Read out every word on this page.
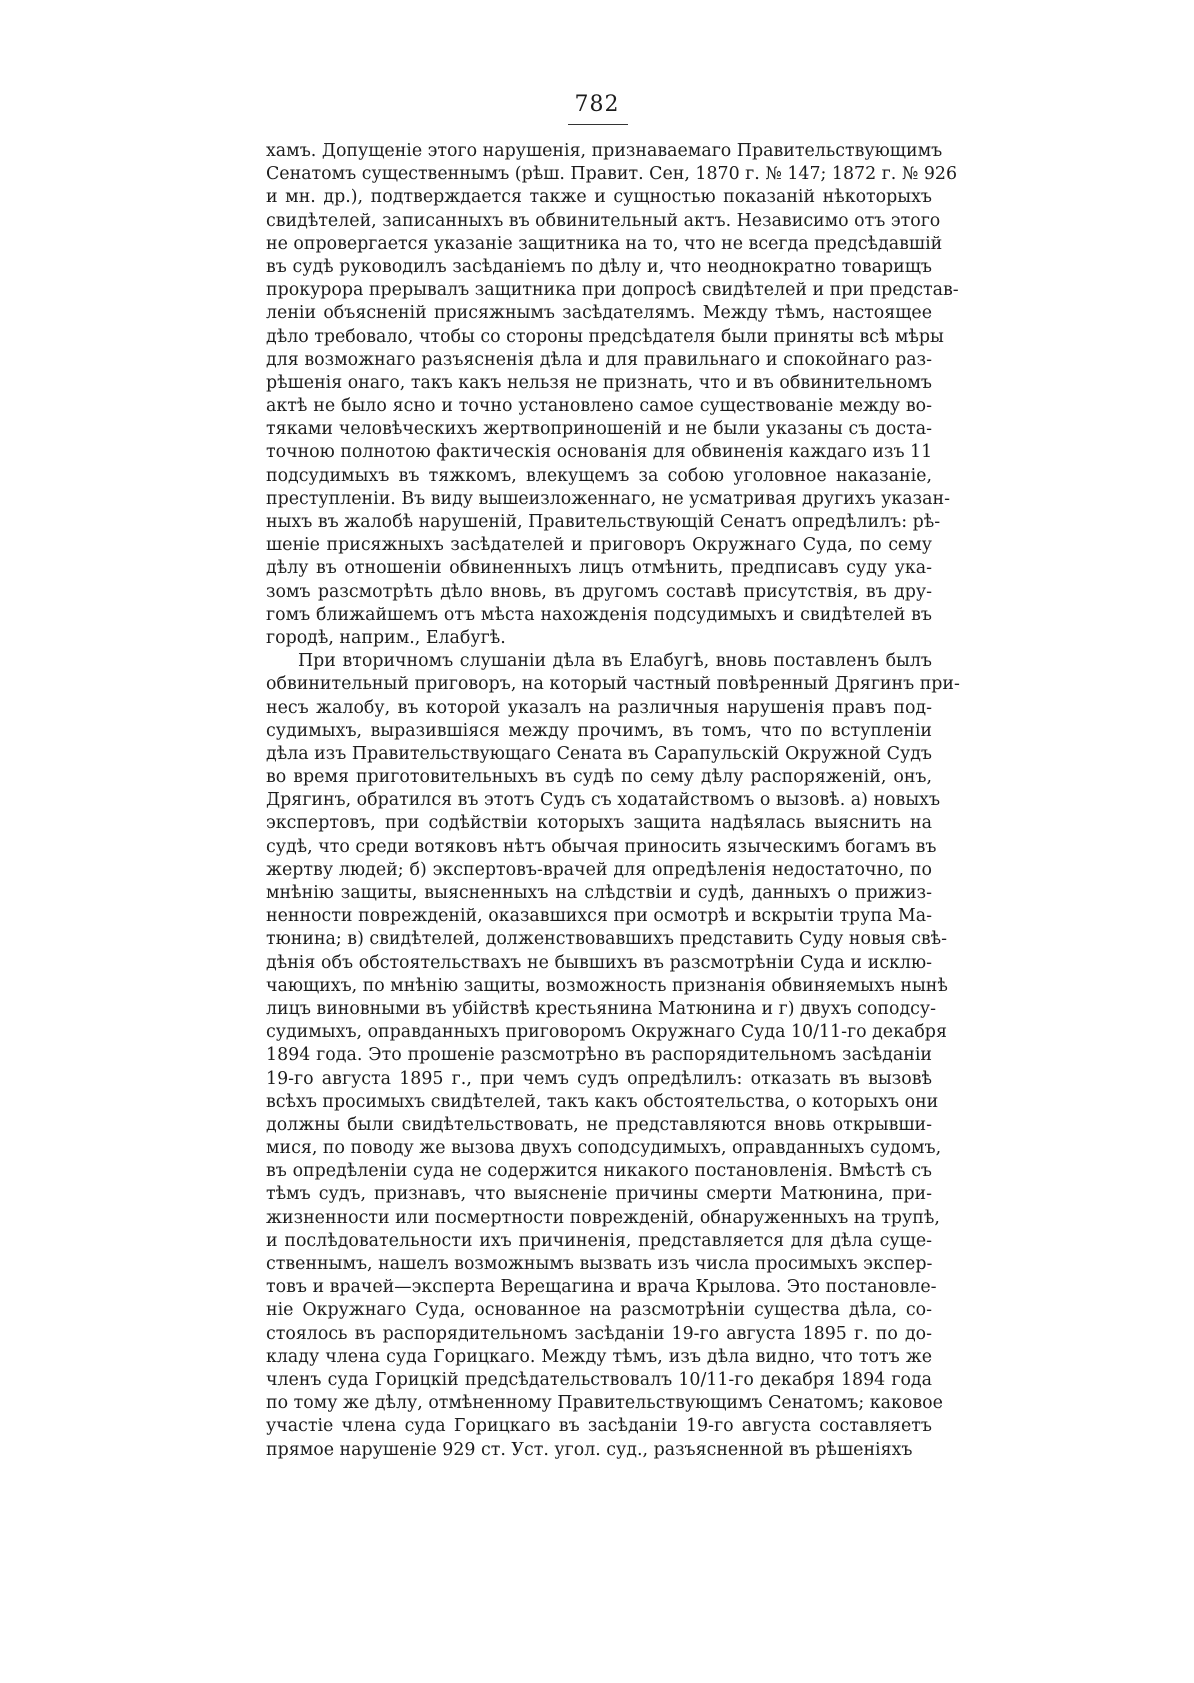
782
хамъ. Допущеніе этого нарушенія, признаваемаго Правительствующимъ
Сенатомъ существеннымъ (рѣш. Правит. Сен, 1870 г. № 147; 1872 г. № 926
и мн. др.), подтверждается также и сущностью показаній нѣкоторыхъ
свидѣтелей, записанныхъ въ обвинительный актъ. Независимо отъ этого
не опровергается указаніе защитника на то, что не всегда предсѣдавшій
въ судѣ руководилъ засѣданіемъ по дѣлу и, что неоднократно товарищъ
прокурора прерывалъ защитника при допросѣ свидѣтелей и при представ-
леніи объясненій присяжнымъ засѣдателямъ. Между тѣмъ, настоящее
дѣло требовало, чтобы со стороны предсѣдателя были приняты всѣ мѣры
для возможнаго разъясненія дѣла и для правильнаго и спокойнаго раз-
рѣшенія онаго, такъ какъ нельзя не признать, что и въ обвинительномъ
актѣ не было ясно и точно установлено самое существованіе между во-
тяками человѣческихъ жертвоприношеній и не были указаны съ доста-
точною полнотою фактическія основанія для обвиненія каждаго изъ 11
подсудимыхъ въ тяжкомъ, влекущемъ за собою уголовное наказаніе,
преступленіи. Въ виду вышеизложеннаго, не усматривая другихъ указан-
ныхъ въ жалобѣ нарушеній, Правительствующій Сенатъ опредѣлилъ: рѣ-
шеніе присяжныхъ засѣдателей и приговоръ Окружнаго Суда, по сему
дѣлу въ отношеніи обвиненныхъ лицъ отмѣнить, предписавъ суду ука-
зомъ разсмотрѣть дѣло вновь, въ другомъ составѣ присутствія, въ дру-
гомъ ближайшемъ отъ мѣста нахожденія подсудимыхъ и свидѣтелей въ
городѣ, наприм., Елабугѣ.
При вторичномъ слушаніи дѣла въ Елабугѣ, вновь поставленъ былъ
обвинительный приговоръ, на который частный повѣренный Дрягинъ при-
несъ жалобу, въ которой указалъ на различныя нарушенія правъ под-
судимыхъ, выразившіяся между прочимъ, въ томъ, что по вступленіи
дѣла изъ Правительствующаго Сената въ Сарапульскій Окружной Судъ
во время приготовительныхъ въ судѣ по сему дѣлу распоряженій, онъ,
Дрягинъ, обратился въ этотъ Судъ съ ходатайствомъ о вызовѣ. а) новыхъ
экспертовъ, при содѣйствіи которыхъ защита надѣялась выяснить на
судѣ, что среди вотяковъ нѣтъ обычая приносить языческимъ богамъ въ
жертву людей; б) экспертовъ-врачей для опредѣленія недостаточно, по
мнѣнію защиты, выясненныхъ на слѣдствіи и судѣ, данныхъ о прижиз-
ненности поврежденій, оказавшихся при осмотрѣ и вскрытіи трупа Ма-
тюнина; в) свидѣтелей, долженствовавшихъ представить Суду новыя свѣ-
дѣнія объ обстоятельствахъ не бывшихъ въ разсмотрѣніи Суда и исклю-
чающихъ, по мнѣнію защиты, возможность признанія обвиняемыхъ нынѣ
лицъ виновными въ убійствѣ крестьянина Матюнина и г) двухъ соподсу-
судимыхъ, оправданныхъ приговоромъ Окружнаго Суда 10/11-го декабря
1894 года. Это прошеніе разсмотрѣно въ распорядительномъ засѣданіи
19-го августа 1895 г., при чемъ судъ опредѣлилъ: отказать въ вызовѣ
всѣхъ просимыхъ свидѣтелей, такъ какъ обстоятельства, о которыхъ они
должны были свидѣтельствовать, не представляются вновь открывши-
мися, по поводу же вызова двухъ соподсудимыхъ, оправданныхъ судомъ,
въ опредѣленіи суда не содержится никакого постановленія. Вмѣстѣ съ
тѣмъ судъ, признавъ, что выясненіе причины смерти Матюнина, при-
жизненности или посмертности поврежденій, обнаруженныхъ на трупѣ,
и послѣдовательности ихъ причиненія, представляется для дѣла суще-
ственнымъ, нашелъ возможнымъ вызвать изъ числа просимыхъ экспер-
товъ и врачей—эксперта Верещагина и врача Крылова. Это постановле-
ніе Окружнаго Суда, основанное на разсмотрѣніи существа дѣла, со-
стоялось въ распорядительномъ засѣданіи 19-го августа 1895 г. по до-
кладу члена суда Горицкаго. Между тѣмъ, изъ дѣла видно, что тотъ же
членъ суда Горицкій предсѣдательствовалъ 10/11-го декабря 1894 года
по тому же дѣлу, отмѣненному Правительствующимъ Сенатомъ; каковое
участіе члена суда Горицкаго въ засѣданіи 19-го августа составляетъ
прямое нарушеніе 929 ст. Уст. угол. суд., разъясненной въ рѣшеніяхъ
